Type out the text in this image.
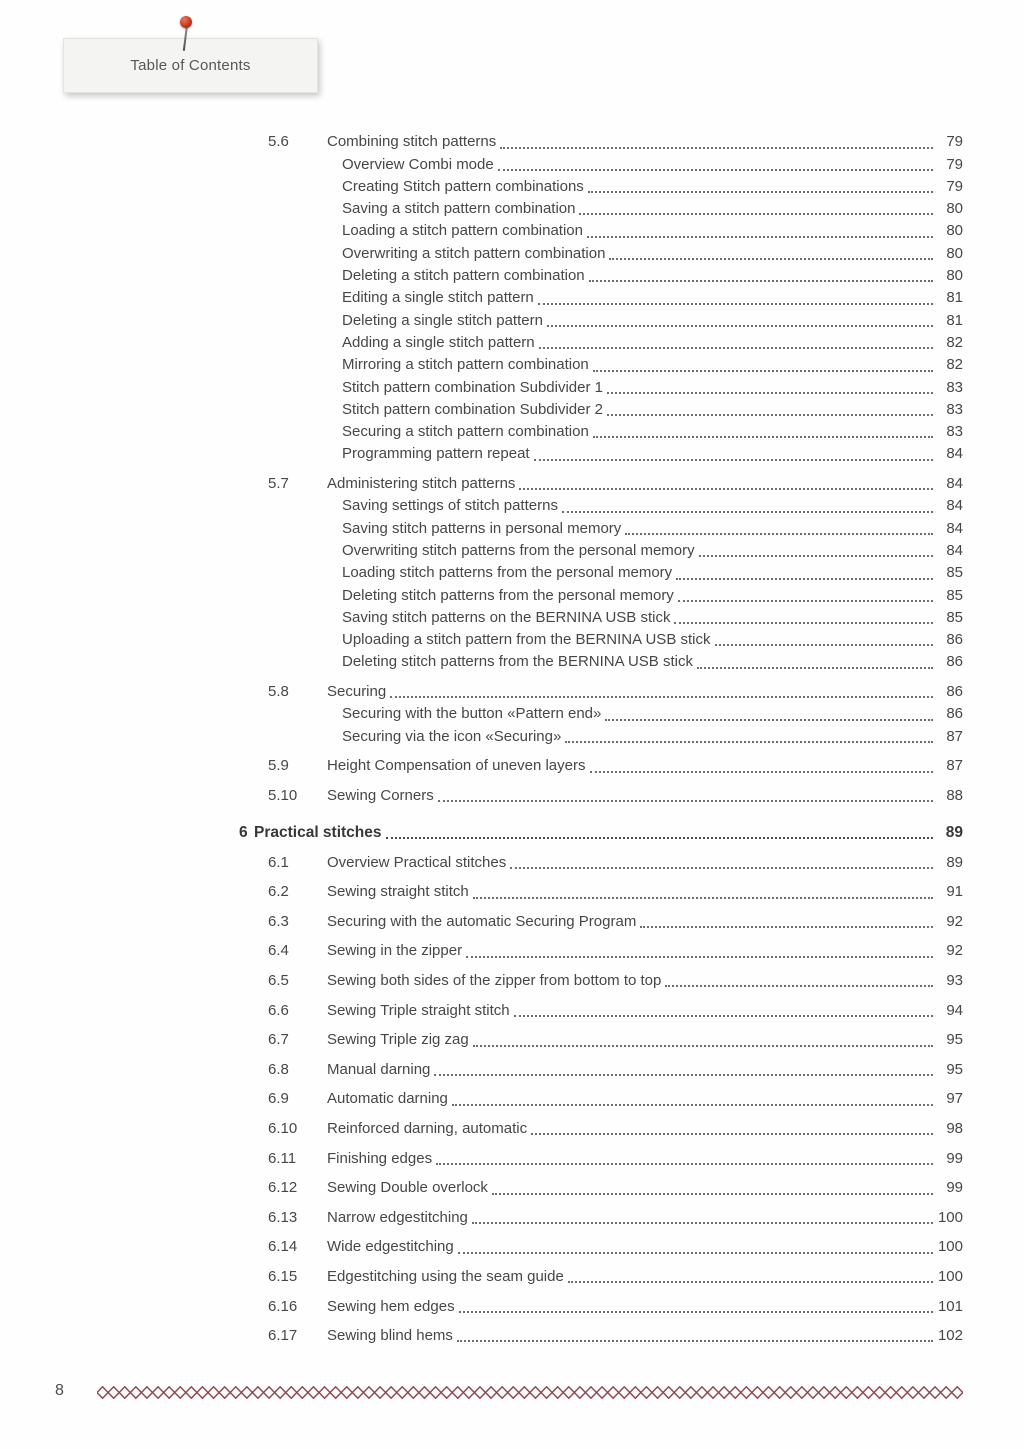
Table of Contents
5.6	Combining stitch patterns	79
Overview Combi mode	79
Creating Stitch pattern combinations	79
Saving a stitch pattern combination	80
Loading a stitch pattern combination	80
Overwriting a stitch pattern combination	80
Deleting a stitch pattern combination	80
Editing a single stitch pattern	81
Deleting a single stitch pattern	81
Adding a single stitch pattern	82
Mirroring a stitch pattern combination	82
Stitch pattern combination Subdivider 1	83
Stitch pattern combination Subdivider 2	83
Securing a stitch pattern combination	83
Programming pattern repeat	84
5.7	Administering stitch patterns	84
Saving settings of stitch patterns	84
Saving stitch patterns in personal memory	84
Overwriting stitch patterns from the personal memory	84
Loading stitch patterns from the personal memory	85
Deleting stitch patterns from the personal memory	85
Saving stitch patterns on the BERNINA USB stick	85
Uploading a stitch pattern from the BERNINA USB stick	86
Deleting stitch patterns from the BERNINA USB stick	86
5.8	Securing	86
Securing with the button «Pattern end»	86
Securing via the icon «Securing»	87
5.9	Height Compensation of uneven layers	87
5.10	Sewing Corners	88
6 Practical stitches	89
6.1	Overview Practical stitches	89
6.2	Sewing straight stitch	91
6.3	Securing with the automatic Securing Program	92
6.4	Sewing in the zipper	92
6.5	Sewing both sides of the zipper from bottom to top	93
6.6	Sewing Triple straight stitch	94
6.7	Sewing Triple zig zag	95
6.8	Manual darning	95
6.9	Automatic darning	97
6.10	Reinforced darning, automatic	98
6.11	Finishing edges	99
6.12	Sewing Double overlock	99
6.13	Narrow edgestitching	100
6.14	Wide edgestitching	100
6.15	Edgestitching using the seam guide	100
6.16	Sewing hem edges	101
6.17	Sewing blind hems	102
8
